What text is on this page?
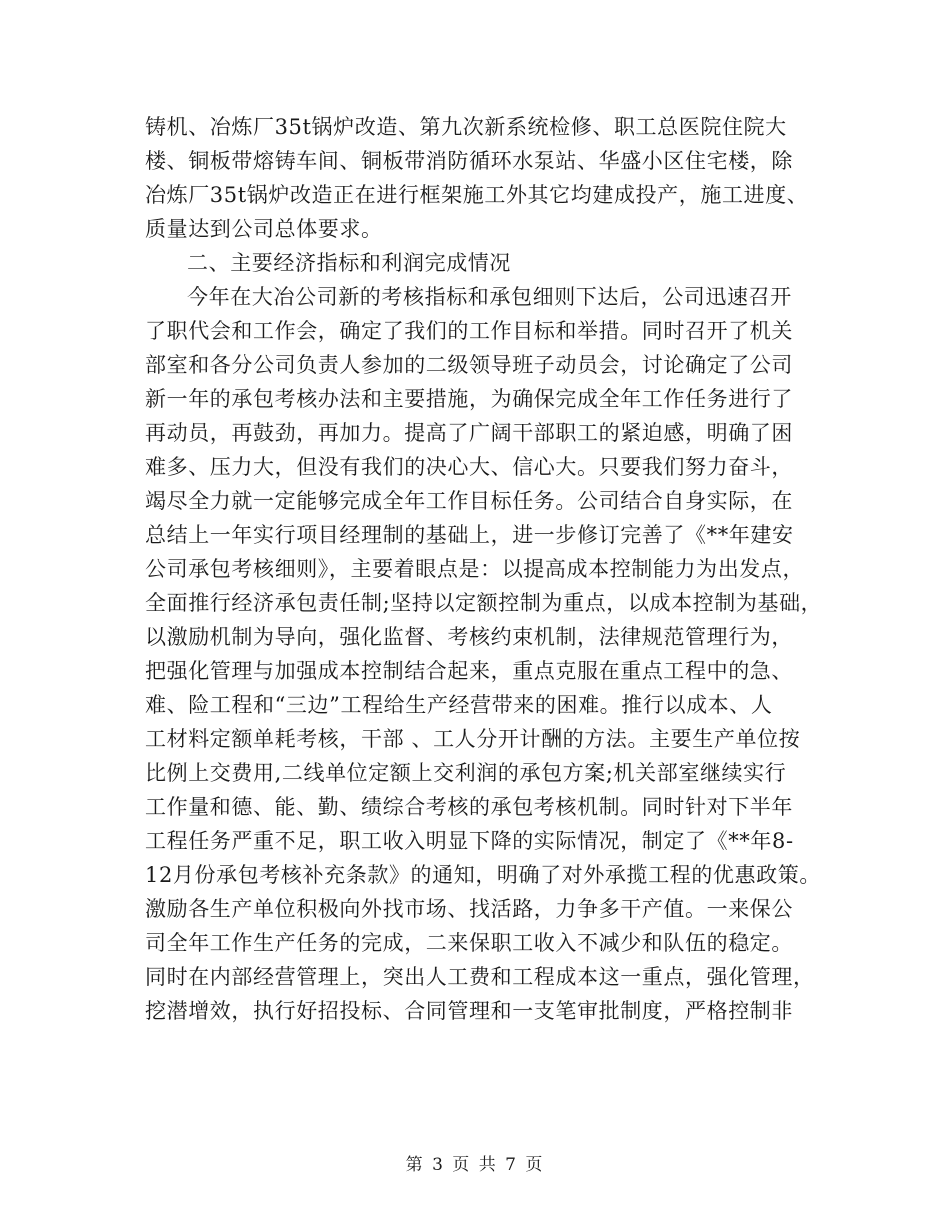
铸机、冶炼厂35t锅炉改造、第九次新系统检修、职工总医院住院大
楼、铜板带熔铸车间、铜板带消防循环水泵站、华盛小区住宅楼，除
冶炼厂35t锅炉改造正在进行框架施工外其它均建成投产，施工进度、
质量达到公司总体要求。
二、主要经济指标和利润完成情况
今年在大冶公司新的考核指标和承包细则下达后，公司迅速召开
了职代会和工作会，确定了我们的工作目标和举措。同时召开了机关
部室和各分公司负责人参加的二级领导班子动员会，讨论确定了公司
新一年的承包考核办法和主要措施，为确保完成全年工作任务进行了
再动员，再鼓劲，再加力。提高了广阔干部职工的紧迫感，明确了困
难多、压力大，但没有我们的决心大、信心大。只要我们努力奋斗，
竭尽全力就一定能够完成全年工作目标任务。公司结合自身实际，在
总结上一年实行项目经理制的基础上，进一步修订完善了《**年建安
公司承包考核细则》，主要着眼点是：以提高成本控制能力为出发点，
全面推行经济承包责任制;坚持以定额控制为重点，以成本控制为基础，
以激励机制为导向，强化监督、考核约束机制，法律规范管理行为，
把强化管理与加强成本控制结合起来，重点克服在重点工程中的急、
难、险工程和“三边”工程给生产经营带来的困难。推行以成本、人
工材料定额单耗考核，干部 、工人分开计酬的方法。主要生产单位按
比例上交费用,二线单位定额上交利润的承包方案;机关部室继续实行
工作量和德、能、勤、绩综合考核的承包考核机制。同时针对下半年
工程任务严重不足，职工收入明显下降的实际情况，制定了《**年8-
12月份承包考核补充条款》的通知，明确了对外承揽工程的优惠政策。
激励各生产单位积极向外找市场、找活路，力争多干产值。一来保公
司全年工作生产任务的完成，二来保职工收入不减少和队伍的稳定。
同时在内部经营管理上，突出人工费和工程成本这一重点，强化管理，
挖潜增效，执行好招投标、合同管理和一支笔审批制度，严格控制非
第 3 页 共 7 页
